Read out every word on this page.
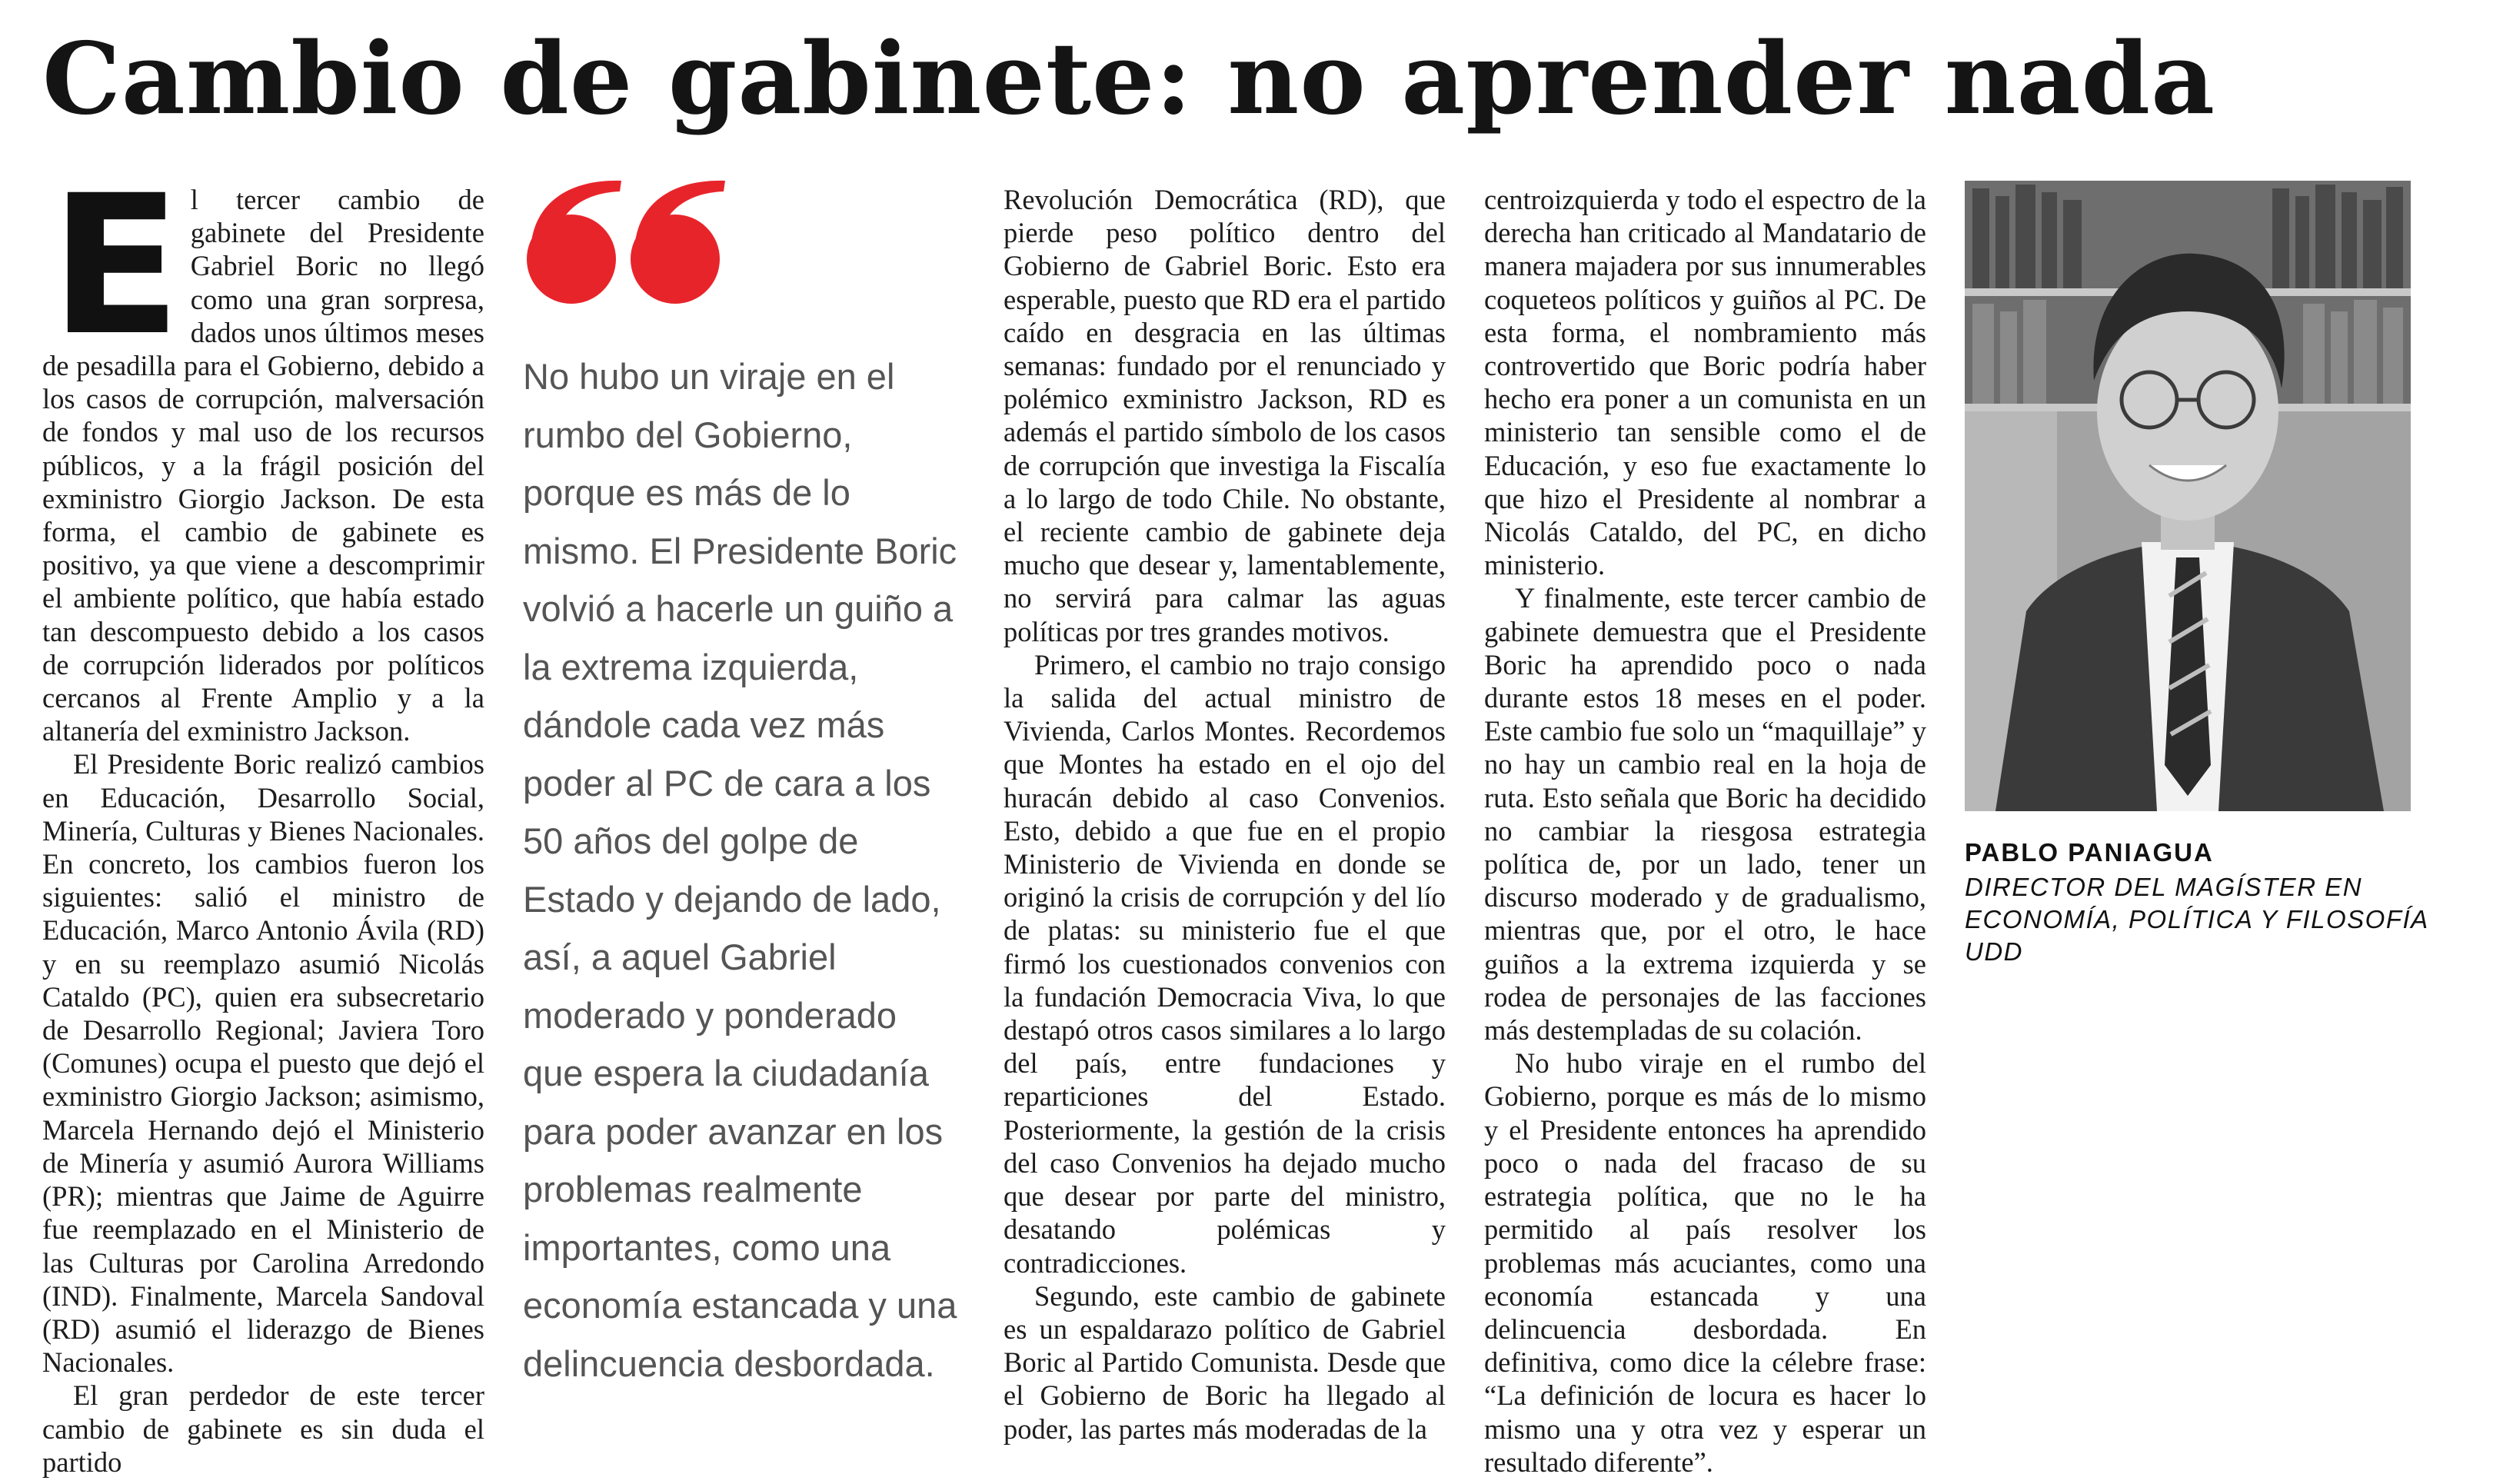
Cambio de gabinete: no aprender nada
E l tercer cambio de gabinete del Presidente Gabriel Boric no llegó como una gran sorpresa, dados unos últimos meses de pesadilla para el Gobierno, debido a los casos de corrupción, malversación de fondos y mal uso de los recursos públicos, y a la frágil posición del exministro Giorgio Jackson. De esta forma, el cambio de gabinete es positivo, ya que viene a descomprimir el ambiente político, que había estado tan descompuesto debido a los casos de corrupción liderados por políticos cercanos al Frente Amplio y a la altanería del exministro Jackson.

El Presidente Boric realizó cambios en Educación, Desarrollo Social, Minería, Culturas y Bienes Nacionales. En concreto, los cambios fueron los siguientes: salió el ministro de Educación, Marco Antonio Ávila (RD) y en su reemplazo asumió Nicolás Cataldo (PC), quien era subsecretario de Desarrollo Regional; Javiera Toro (Comunes) ocupa el puesto que dejó el exministro Giorgio Jackson; asimismo, Marcela Hernando dejó el Ministerio de Minería y asumió Aurora Williams (PR); mientras que Jaime de Aguirre fue reemplazado en el Ministerio de las Culturas por Carolina Arredondo (IND). Finalmente, Marcela Sandoval (RD) asumió el liderazgo de Bienes Nacionales.

El gran perdedor de este tercer cambio de gabinete es sin duda el partido

No hubo un viraje en el rumbo del Gobierno, porque es más de lo mismo. El Presidente Boric volvió a hacerle un guiño a la extrema izquierda, dándole cada vez más poder al PC de cara a los 50 años del golpe de Estado y dejando de lado, así, a aquel Gabriel moderado y ponderado que espera la ciudadanía para poder avanzar en los problemas realmente importantes, como una economía estancada y una delincuencia desbordada.

Revolución Democrática (RD), que pierde peso político dentro del Gobierno de Gabriel Boric. Esto era esperable, puesto que RD era el partido caído en desgracia en las últimas semanas: fundado por el renunciado y polémico exministro Jackson, RD es además el partido símbolo de los casos de corrupción que investiga la Fiscalía a lo largo de todo Chile. No obstante, el reciente cambio de gabinete deja mucho que desear y, lamentablemente, no servirá para calmar las aguas políticas por tres grandes motivos.

Primero, el cambio no trajo consigo la salida del actual ministro de Vivienda, Carlos Montes. Recordemos que Montes ha estado en el ojo del huracán debido al caso Convenios. Esto, debido a que fue en el propio Ministerio de Vivienda en donde se originó la crisis de corrupción y del lío de platas: su ministerio fue el que firmó los cuestionados convenios con la fundación Democracia Viva, lo que destapó otros casos similares a lo largo del país, entre fundaciones y reparticiones del Estado. Posteriormente, la gestión de la crisis del caso Convenios ha dejado mucho que desear por parte del ministro, desatando polémicas y contradicciones.

Segundo, este cambio de gabinete es un espaldarazo político de Gabriel Boric al Partido Comunista. Desde que el Gobierno de Boric ha llegado al poder, las partes más moderadas de la

centroizquierda y todo el espectro de la derecha han criticado al Mandatario de manera majadera por sus innumerables coqueteos políticos y guiños al PC. De esta forma, el nombramiento más controvertido que Boric podría haber hecho era poner a un comunista en un ministerio tan sensible como el de Educación, y eso fue exactamente lo que hizo el Presidente al nombrar a Nicolás Cataldo, del PC, en dicho ministerio.

Y finalmente, este tercer cambio de gabinete demuestra que el Presidente Boric ha aprendido poco o nada durante estos 18 meses en el poder. Este cambio fue solo un “maquillaje” y no hay un cambio real en la hoja de ruta. Esto señala que Boric ha decidido no cambiar la riesgosa estrategia política de, por un lado, tener un discurso moderado y de gradualismo, mientras que, por el otro, le hace guiños a la extrema izquierda y se rodea de personajes de las facciones más destempladas de su colación.

No hubo viraje en el rumbo del Gobierno, porque es más de lo mismo y el Presidente entonces ha aprendido poco o nada del fracaso de su estrategia política, que no le ha permitido al país resolver los problemas más acuciantes, como una economía estancada y una delincuencia desbordada. En definitiva, como dice la célebre frase: “La definición de locura es hacer lo mismo una y otra vez y esperar un resultado diferente”.

PABLO PANIAGUA

DIRECTOR DEL MAGÍSTER EN ECONOMÍA, POLÍTICA Y FILOSOFÍA UDD
